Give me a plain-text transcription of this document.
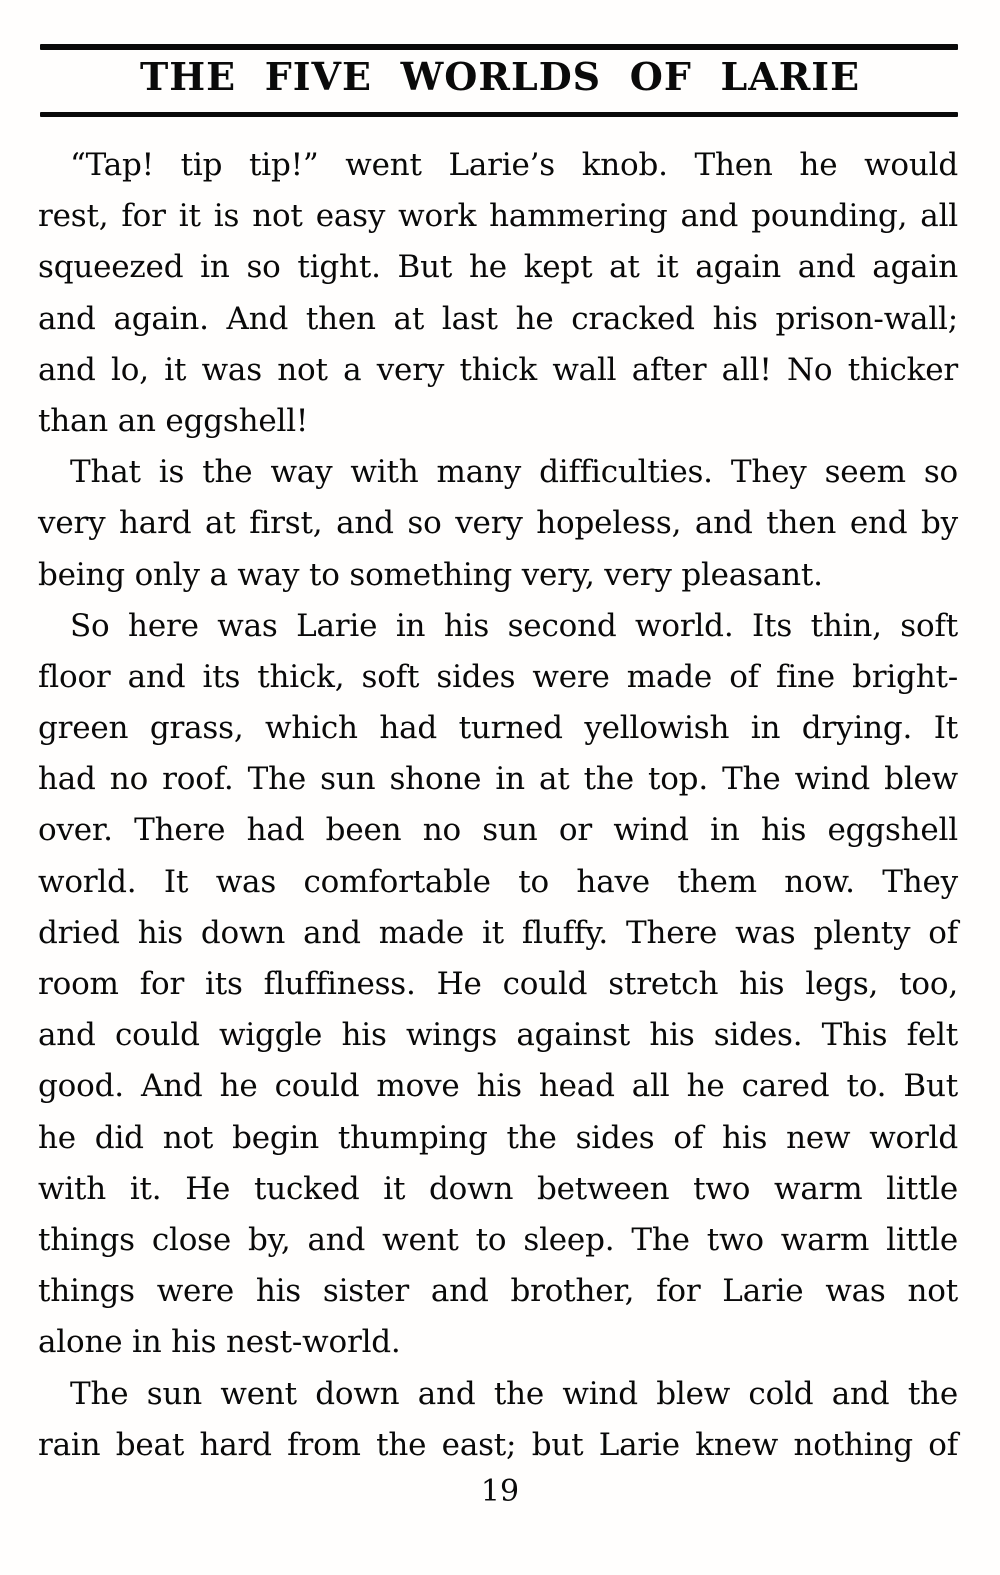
THE FIVE WORLDS OF LARIE
“Tap! tip tip!” went Larie’s knob. Then he would
rest, for it is not easy work hammering and pounding, all
squeezed in so tight. But he kept at it again and again
and again. And then at last he cracked his prison-wall;
and lo, it was not a very thick wall after all! No thicker
than an eggshell!
That is the way with many difficulties. They seem so
very hard at first, and so very hopeless, and then end by
being only a way to something very, very pleasant.
So here was Larie in his second world. Its thin, soft
floor and its thick, soft sides were made of fine bright-
green grass, which had turned yellowish in drying. It
had no roof. The sun shone in at the top. The wind blew
over. There had been no sun or wind in his eggshell
world. It was comfortable to have them now. They
dried his down and made it fluffy. There was plenty of
room for its fluffiness. He could stretch his legs, too,
and could wiggle his wings against his sides. This felt
good. And he could move his head all he cared to. But
he did not begin thumping the sides of his new world
with it. He tucked it down between two warm little
things close by, and went to sleep. The two warm little
things were his sister and brother, for Larie was not
alone in his nest-world.
The sun went down and the wind blew cold and the
rain beat hard from the east; but Larie knew nothing of
19
